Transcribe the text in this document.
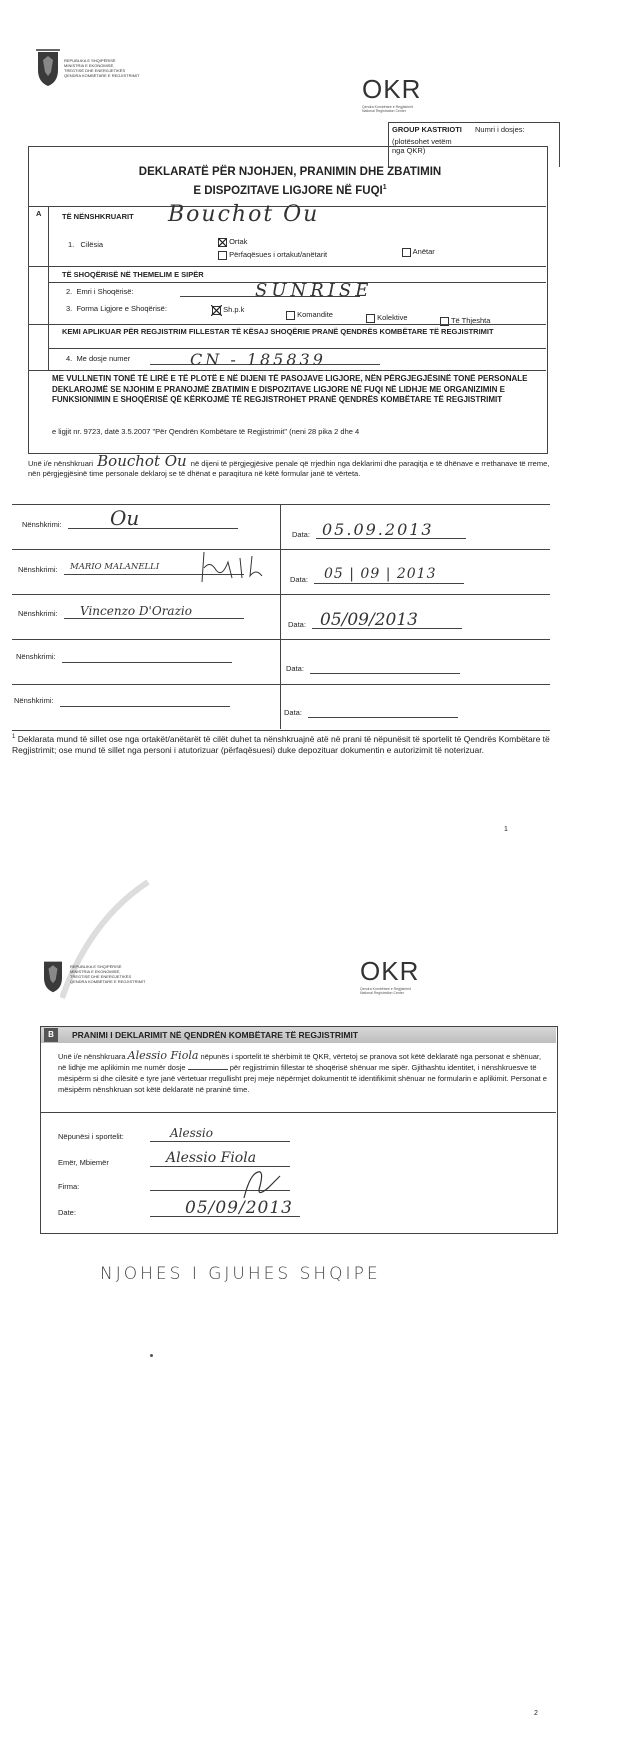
REPUBLIKA E SHQIPËRISË
MINISTRIA E EKONOMISË,
TREGTISË DHE ENERGJETIKËS
QENDRA KOMBËTARE E REGJISTRIMIT	OKR
Qendra Kombëtare e Regjistrimit
National Registration Center
GROUP KASTRIOTI Numri i dosjes:
(plotësohet vetëm nga QKR)
DEKLARATË PËR NJOHJEN, PRANIMIN DHE ZBATIMIN
E DISPOZITAVE LIGJORE NË FUQI$^1$
A	TË NËNSHKRUARIT Bouchot Ou
1. Cilësia	Ortak
Anëtar
Përfaqësues i ortakut/anëtarit
TË SHOQËRISË NË THEMELIM E SIPËR
2. Emri i Shoqërisë:	SUNRISE
3. Forma Ligjore e Shoqërisë:	Sh.p.k
Komandite	Kolektive	Të Thjeshta
KEMI APLIKUAR PËR REGJISTRIM FILLESTAR TË KËSAJ SHOQËRIE PRANË QENDRËS KOMBËTARE TË REGJISTRIMIT
4. Me dosje numer	CN - 185839
ME VULLNETIN TONË TË LIRË E TË PLOTË E NË DIJENI TË PASOJAVE LIGJORE, NËN PËRGJEGJËSINË TONË PERSONALE DEKLAROJMË SE NJOHIM E PRANOJMË ZBATIMIN E DISPOZITAVE LIGJORE NË FUQI NË LIDHJE ME ORGANIZIMIN E FUNKSIONIMIN E SHOQËRISË QË KËRKOJMË TË REGJISTROHET PRANË QENDRËS KOMBËTARE TË REGJISTRIMIT
e ligjit nr. 9723, datë 3.5.2007 "Për Qendrën Kombëtare të Regjistrimit" (neni 28 pika 2 dhe 4
Unë i/e nënshkruari Bouchot Ou në dijeni të përgjegjësive penale që rrjedhin nga deklarimi dhe paraqitja e të dhënave e rrethanave të rreme, nën përgjegjësinë time personale deklaroj se të dhënat e paraqitura në këtë formular janë të vërteta.
Nënshkrimi: Ou
Data: 05.09.2013
Nënshkrimi: MARIO MALANELLI
Data: 05 | 09 | 2013
Nënshkrimi: Vincenzo D'Orazio
Data: 05/09/2013
Nënshkrimi:
Data:
Nënshkrimi:
Data:
$^1$ Deklarata mund të sillet ose nga ortakët/anëtarët të cilët duhet ta nënshkruajnë atë në prani të nëpunësit të sportelit të Qendrës Kombëtare të Regjistrimit; ose mund të sillet nga personi i atutorizuar (përfaqësuesi) duke depozituar dokumentin e autorizimit të noterizuar.
1
REPUBLIKA E SHQIPËRISË
MINISTRIA E EKONOMISË,
TREGTISË DHE ENERGJETIKËS
QENDRA KOMBËTARE E REGJISTRIMIT	OKR
Qendra Kombëtare e Regjistrimit
National Registration Center
B	PRANIMI I DEKLARIMIT NË QENDRËN KOMBËTARE TË REGJISTRIMIT
Unë i/e nënshkruara Alessio Fiola nëpunës i sportelit të shërbimit të QKR, vërtetoj se pranova sot këtë deklaratë nga personat e shënuar, në lidhje me aplikimin me numër dosje	për regjistrimin fillestar të shoqërisë shënuar me sipër. Gjithashtu identitet, i nënshkruesve të mësipërm si dhe cilësitë e tyre janë vërtetuar rregullisht prej meje nëpërmjet dokumentit të identifikimit shënuar ne formularin e aplikimit. Personat e mësipërm nënshkruan sot këtë deklaratë në praninë time.
Nëpunësi i sportelit:	Alessio
Emër, Mbiemër	Alessio Fiola
Firma:
Date:	05/09/2013
NJOHES I GJUHES SHQIPE
2
